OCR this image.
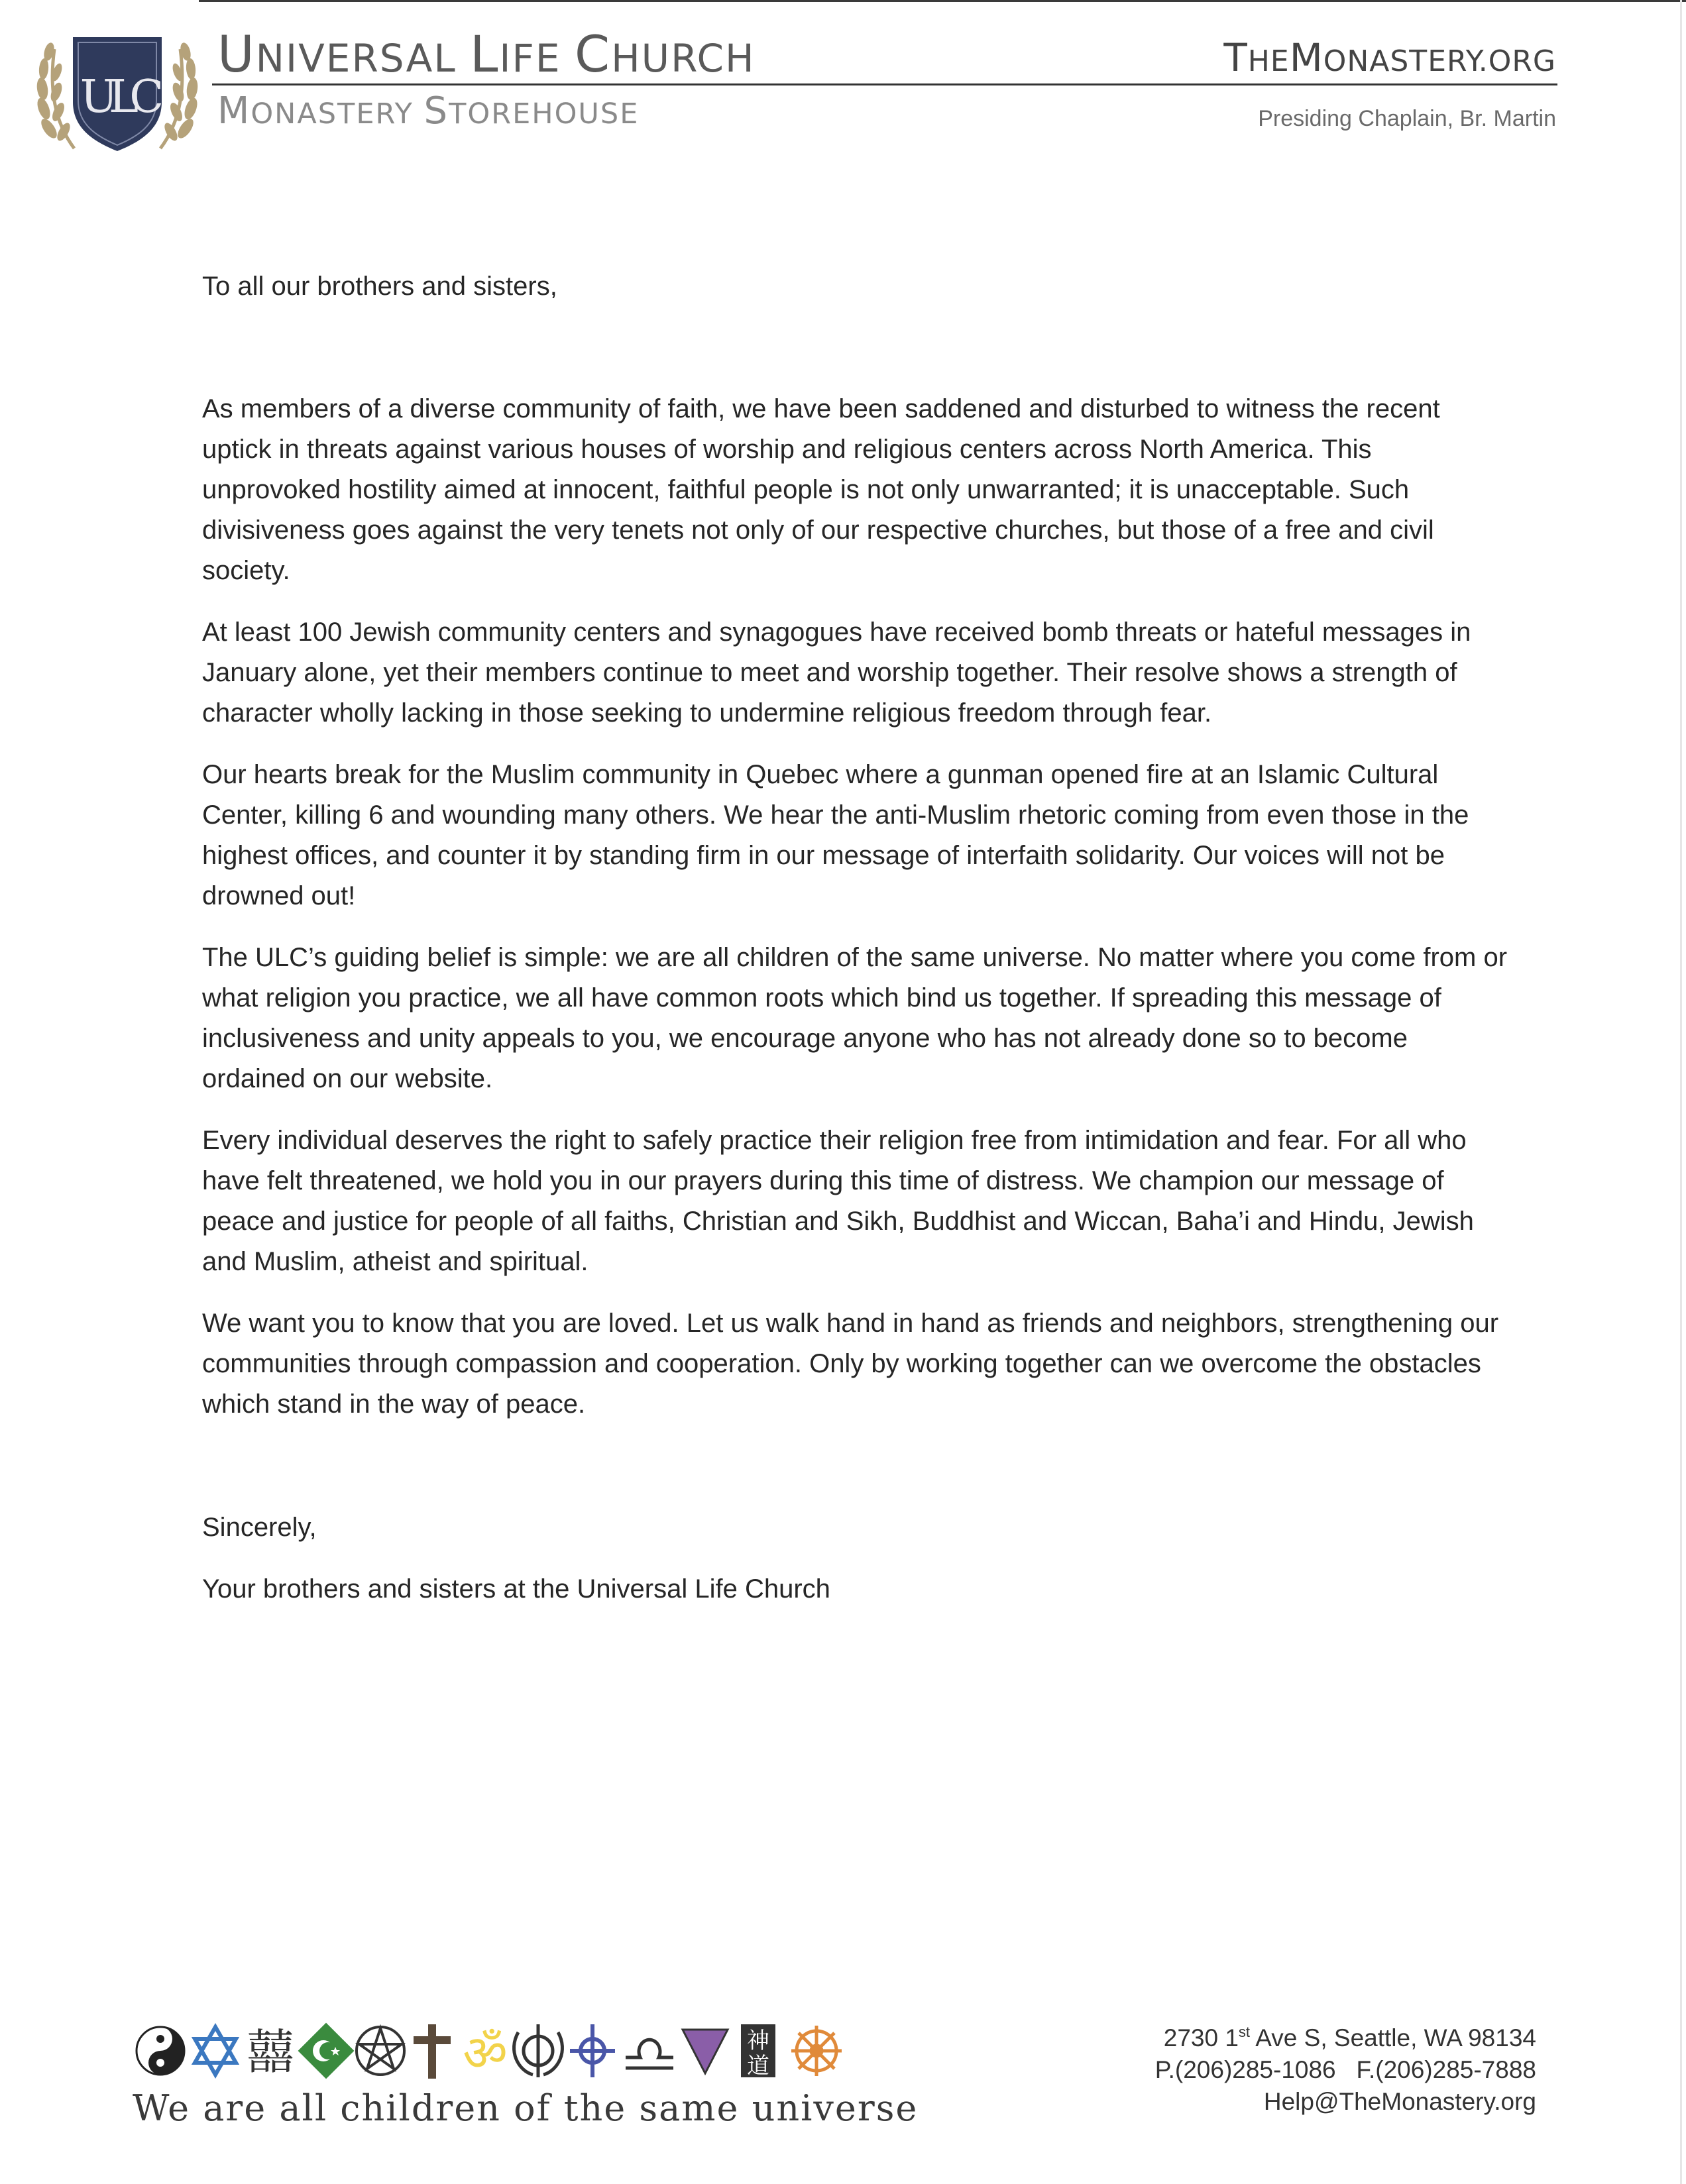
ULC
UNIVERSAL LIFE CHURCH
MONASTERY STOREHOUSE
THEMONASTERY.ORG
Presiding Chaplain, Br. Martin

To all our brothers and sisters,

As members of a diverse community of faith, we have been saddened and disturbed to witness the recent uptick in threats against various houses of worship and religious centers across North America. This unprovoked hostility aimed at innocent, faithful people is not only unwarranted; it is unacceptable. Such divisiveness goes against the very tenets not only of our respective churches, but those of a free and civil society.

At least 100 Jewish community centers and synagogues have received bomb threats or hateful messages in January alone, yet their members continue to meet and worship together. Their resolve shows a strength of character wholly lacking in those seeking to undermine religious freedom through fear.

Our hearts break for the Muslim community in Quebec where a gunman opened fire at an Islamic Cultural Center, killing 6 and wounding many others. We hear the anti-Muslim rhetoric coming from even those in the highest offices, and counter it by standing firm in our message of interfaith solidarity. Our voices will not be drowned out!

The ULC’s guiding belief is simple: we are all children of the same universe. No matter where you come from or what religion you practice, we all have common roots which bind us together. If spreading this message of inclusiveness and unity appeals to you, we encourage anyone who has not already done so to become ordained on our website.

Every individual deserves the right to safely practice their religion free from intimidation and fear. For all who have felt threatened, we hold you in our prayers during this time of distress. We champion our message of peace and justice for people of all faiths, Christian and Sikh, Buddhist and Wiccan, Baha’i and Hindu, Jewish and Muslim, atheist and spiritual.

We want you to know that you are loved. Let us walk hand in hand as friends and neighbors, strengthening our communities through compassion and cooperation. Only by working together can we overcome the obstacles which stand in the way of peace.

Sincerely,

Your brothers and sisters at the Universal Life Church

囍	ॐ	神
道
We are all children of the same universe
2730 1st Ave S, Seattle, WA 98134
P.(206)285-1086   F.(206)285-7888
Help@TheMonastery.org
